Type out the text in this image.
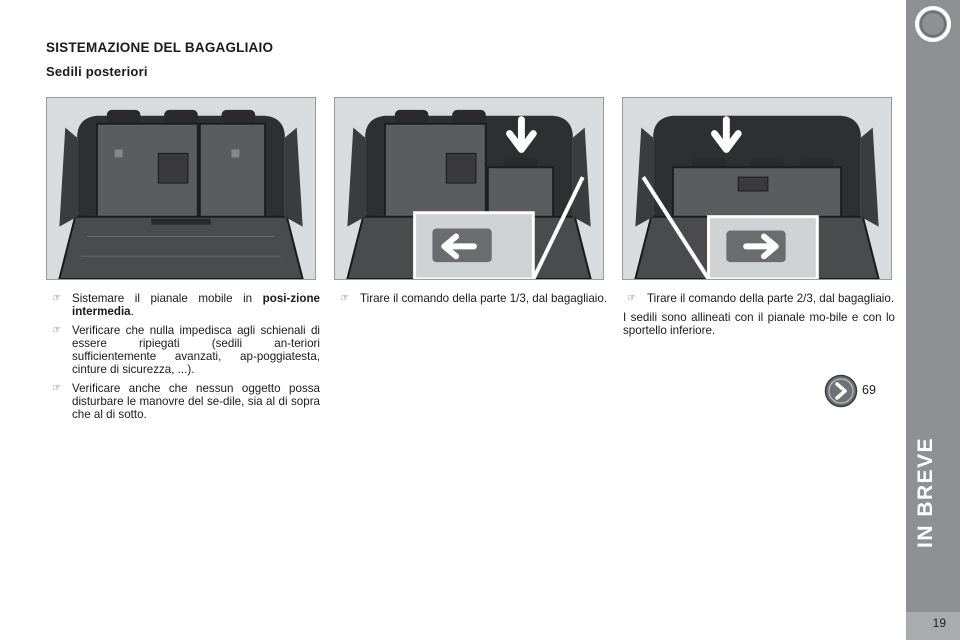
SISTEMAZIONE DEL BAGAGLIAIO
Sedili posteriori
☞ Sistemare il pianale mobile in posi-zione intermedia.
☞ Verificare che nulla impedisca agli schienali di essere ripiegati (sedili an-teriori sufficientemente avanzati, ap-poggiatesta, cinture di sicurezza, ...).
☞ Verificare anche che nessun oggetto possa disturbare le manovre del se-dile, sia al di sopra che al di sotto.
☞ Tirare il comando della parte 1/3, dal bagagliaio. ☞ Tirare il comando della parte 2/3, dal bagagliaio.
I sedili sono allineati con il pianale mo-bile e con lo sportello inferiore.
69
IN BREVE
19
